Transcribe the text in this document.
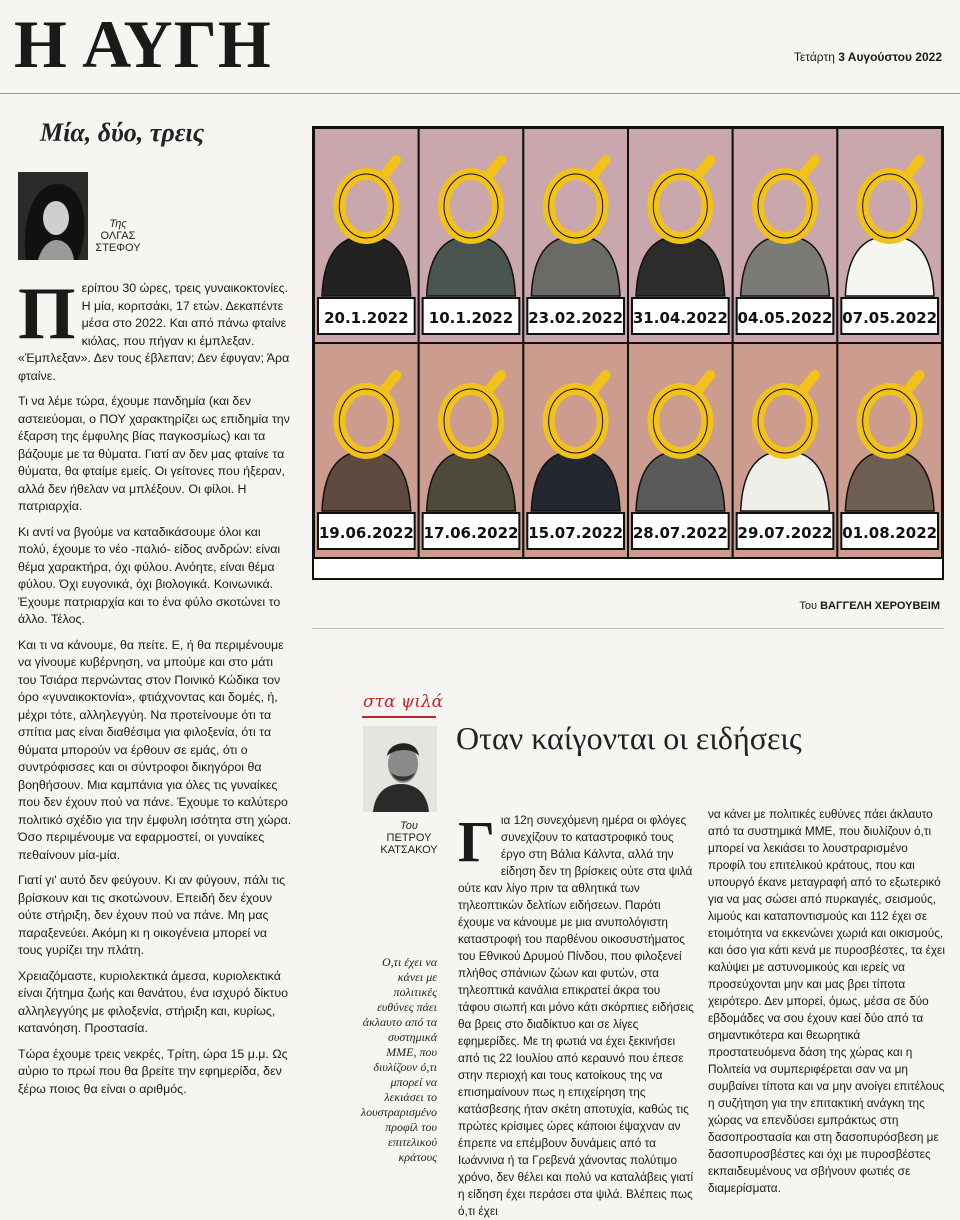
Η ΑΥΓΗ	Τετάρτη 3 Αυγούστου 2022
Μία, δύο, τρεις
Της
ΟΛΓΑΣ
ΣΤΕΦΟΥ

Περίπου 30 ώρες, τρεις γυναικοκτονίες. Η μία, κοριτσάκι, 17 ετών. Δεκαπέντε μέσα στο 2022. Και από πάνω φταίνε κιόλας, που πήγαν κι έμπλεξαν. «Έμπλεξαν». Δεν τους έβλεπαν; Δεν έφυγαν; Άρα φταίνε.

Τι να λέμε τώρα, έχουμε πανδημία (και δεν αστειεύομαι, ο ΠΟΥ χαρακτηρίζει ως επιδημία την έξαρση της έμφυλης βίας παγκοσμίως) και τα βάζουμε με τα θύματα. Γιατί αν δεν μας φταίνε τα θύματα, θα φταίμε εμείς. Οι γείτονες που ήξεραν, αλλά δεν ήθελαν να μπλέξουν. Οι φίλοι. Η πατριαρχία.

Κι αντί να βγούμε να καταδικάσουμε όλοι και πολύ, έχουμε το νέο -παλιό- είδος ανδρών: είναι θέμα χαρακτήρα, όχι φύλου. Ανόητε, είναι θέμα φύλου. Όχι ευγονικά, όχι βιολογικά. Κοινωνικά. Έχουμε πατριαρχία και το ένα φύλο σκοτώνει το άλλο. Τέλος.

Και τι να κάνουμε, θα πείτε. Ε, ή θα περιμένουμε να γίνουμε κυβέρνηση, να μπούμε και στο μάτι του Τσιάρα περνώντας στον Ποινικό Κώδικα τον όρο «γυναικοκτονία», φτιάχνοντας και δομές, ή, μέχρι τότε, αλληλεγγύη. Να προτείνουμε ότι τα σπίτια μας είναι διαθέσιμα για φιλοξενία, ότι τα θύματα μπορούν να έρθουν σε εμάς, ότι ο συντρόφισσες και οι σύντροφοι δικηγόροι θα βοηθήσουν. Μια καμπάνια για όλες τις γυναίκες που δεν έχουν πού να πάνε. Έχουμε το καλύτερο πολιτικό σχέδιο για την έμφυλη ισότητα στη χώρα. Όσο περιμένουμε να εφαρμοστεί, οι γυναίκες πεθαίνουν μία-μία.

Γιατί γι' αυτό δεν φεύγουν. Κι αν φύγουν, πάλι τις βρίσκουν και τις σκοτώνουν. Επειδή δεν έχουν ούτε στήριξη, δεν έχουν πού να πάνε. Μη μας παραξενεύει. Ακόμη κι η οικογένεια μπορεί να τους γυρίζει την πλάτη.

Χρειαζόμαστε, κυριολεκτικά άμεσα, κυριολεκτικά είναι ζήτημα ζωής και θανάτου, ένα ισχυρό δίκτυο αλληλεγγύης με φιλοξενία, στήριξη και, κυρίως, κατανόηση. Προστασία.

Τώρα έχουμε τρεις νεκρές, Τρίτη, ώρα 15 μ.μ. Ως αύριο το πρωί που θα βρείτε την εφημερίδα, δεν ξέρω ποιος θα είναι ο αριθμός.

20.1.2022 10.1.2022 23.02.2022 31.04.2022 04.05.2022 07.05.2022
19.06.2022 17.06.2022 15.07.2022 28.07.2022 29.07.2022 01.08.2022
Του ΒΑΓΓΕΛΗ ΧΕΡΟΥΒΕΙΜ
στα ψιλά
Οταν καίγονται οι ειδήσεις
Του
ΠΕΤΡΟΥ
ΚΑΤΣΑΚΟΥ
Ο,τι έχει να κάνει με πολιτικές ευθύνες πάει άκλαυτο από τα συστημικά ΜΜΕ, που διυλίζουν ό,τι μπορεί να λεκιάσει το λουστραρισμένο προφίλ του επιτελικού κράτους
Για 12η συνεχόμενη ημέρα οι φλόγες συνεχίζουν το καταστροφικό τους έργο στη Βάλια Κάλντα, αλλά την είδηση δεν τη βρίσκεις ούτε στα ψιλά ούτε καν λίγο πριν τα αθλητικά των τηλεοπτικών δελτίων ειδήσεων. Παρότι έχουμε να κάνουμε με μια ανυπολόγιστη καταστροφή του παρθένου οικοσυστήματος του Εθνικού Δρυμού Πίνδου, που φιλοξενεί πλήθος σπάνιων ζώων και φυτών, στα τηλεοπτικά κανάλια επικρατεί άκρα του τάφου σιωπή και μόνο κάτι σκόρπιες ειδήσεις θα βρεις στο διαδίκτυο και σε λίγες εφημερίδες. Με τη φωτιά να έχει ξεκινήσει από τις 22 Ιουλίου από κεραυνό που έπεσε στην περιοχή και τους κατοίκους της να επισημαίνουν πως η επιχείρηση της κατάσβεσης ήταν σκέτη αποτυχία, καθώς τις πρώτες κρίσιμες ώρες κάποιοι έψαχναν αν έπρεπε να επέμβουν δυνάμεις από τα Ιωάννινα ή τα Γρεβενά χάνοντας πολύτιμο χρόνο, δεν θέλει και πολύ να καταλάβεις γιατί η είδηση έχει περάσει στα ψιλά. Βλέπεις πως ό,τι έχει
να κάνει με πολιτικές ευθύνες πάει άκλαυτο από τα συστημικά ΜΜΕ, που διυλίζουν ό,τι μπορεί να λεκιάσει το λουστραρισμένο προφίλ του επιτελικού κράτους, που και υπουργό έκανε μεταγραφή από το εξωτερικό για να μας σώσει από πυρκαγιές, σεισμούς, λιμούς και καταποντισμούς και 112 έχει σε ετοιμότητα να εκκενώνει χωριά και οικισμούς, και όσο για κάτι κενά με πυροσβέστες, τα έχει καλύψει με αστυνομικούς και ιερείς να προσεύχονται μην και μας βρει τίποτα χειρότερο. Δεν μπορεί, όμως, μέσα σε δύο εβδομάδες να σου έχουν καεί δύο από τα σημαντικότερα και θεωρητικά προστατευόμενα δάση της χώρας και η Πολιτεία να συμπεριφέρεται σαν να μη συμβαίνει τίποτα και να μην ανοίγει επιτέλους η συζήτηση για την επιτακτική ανάγκη της χώρας να επενδύσει εμπράκτως στη δασοπροστασία και στη δασοπυρόσβεση με δασοπυροσβέστες και όχι με πυροσβέστες εκπαιδευμένους να σβήνουν φωτιές σε διαμερίσματα.
